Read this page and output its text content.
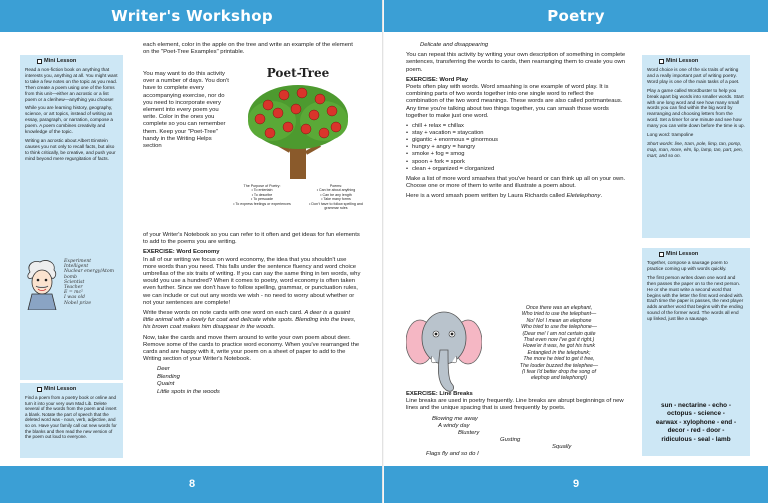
Writer's Workshop
Mini Lesson
Read a non-fiction book on anything that interests you, anything at all. You might want to take a few notes on the topic as you read. Then create a poem using one of the forms from this unit—either an acrostic or a list poem or a clerihew—anything you choose!
While you are learning history, geography, science, or art topics, instead of writing an essay, paragraph, or narration, compose a poem. A poem combines creativity and knowledge of the topic.
Writing an acrostic about Albert Einstein causes you not only to recall facts, but also to think critically, be creative, and push your mind beyond mere regurgitation of facts.
Experiment
Intelligent
Nuclear energy/Atom bomb
Scientist
Teacher
E = mc²
I was old
Nobel prize
Mini Lesson
Find a poem from a poetry book or online and turn it into your very own Mad Lib. Delete several of the words from the poem and insert a blank. Notate the part of speech that the deleted word was - noun, verb, adjective, and so on. Have your family call out new words for the blanks and then read the new version of the poem out loud to everyone.

each element, color in the apple on the tree and write an example of the element on the "Poet-Tree Examples" printable.

You may want to do this activity over a number of days. You don't have to complete every accompanying exercise, nor do you need to incorporate every element into every poem you write. Color in the ones you complete so you can remember them. Keep your "Poet-Tree" handy in the Writing Helps section

Poet-Tree
The Purpose of Poetry:
• To entertain
• To describe
• To persuade
• To express feelings or experiences
Poems:
• Can be about anything
• Can be any length
• Take many forms
• Don't have to follow spelling and grammar rules

of your Writer's Notebook so you can refer to it often and get ideas for fun elements to add to the poems you are writing.

EXERCISE: Word Economy

In all of our writing we focus on word economy, the idea that you shouldn't use more words than you need. This falls under the sentence fluency and word choice umbrellas of the six traits of writing. If you can say the same thing in ten words, why would you use a hundred? When it comes to poetry, word economy is often taken even further. Since we don't have to follow spelling, grammar, or punctuation rules, we can include or cut out any words we wish - no need to worry about whether or not your sentences are complete!

Write these words on note cards with one word on each card. A deer is a quaint little animal with a lovely fur coat and delicate white spots. Blending into the trees, his brown coat makes him disappear in the woods.

Now, take the cards and move them around to write your own poem about deer. Remove some of the cards to practice word economy. When you've rearranged the cards and are happy with it, write your poem on a sheet of paper to add to the Writing section of your Writer's Notebook.

Deer
Blending
Quaint
Little spots in the woods
8
Poetry

Delicate and disappearing

You can repeat this activity by writing your own description of something in complete sentences, transferring the words to cards, then rearranging them to create you own poem.

EXERCISE: Word Play

Poets often play with words. Word smashing is one example of word play. It is combining parts of two words together into one single word to reflect the combination of the two word meanings. These words are also called portmanteaus. Any time you're talking about two things together, you can smash those words together to make just one word.

• chill + relax = chillax
• stay + vacation = staycation
• gigantic + enormous = ginormous
• hungry + angry = hangry
• smoke + fog = smog
• spoon + fork = spork
• clean + organized = clorganized

Make a list of more word smashes that you've heard or can think up all on your own. Choose one or more of them to write and illustrate a poem about.

Here is a word smash poem written by Laura Richards called Eletelephony.

Once there was an elephant,
Who tried to use the telephant—
No! No! I mean an elephone
Who tried to use the telephone—
(Dear me! I am not certain quite
That even now I've got it right.)
Howe'er it was, he got his trunk
Entangled in the telephunk;
The more he tried to get it free,
The louder buzzed the telephee—
(I fear I'd better drop the song of
elephop and telephong!)
EXERCISE: Line Breaks

Line breaks are used in poetry frequently. Line breaks are abrupt beginnings of new lines and the unique spacing that is used frequently by poets.

Blowing me away
A windy day
Blustery
Gusting
Squally
Flags fly and so do I
Mini Lesson
Word choice is one of the six traits of writing and a really important part of writing poetry. Word play is one of the main tasks of a poet.
Play a game called Wordbuster to help you break apart big words into smaller words. Start with one long word and see how many small words you can find within the big word by rearranging and choosing letters from the word. Set a timer for one minute and see how many you can write down before the time is up.
Long word: trampoline
Short words: line, tram, pole, limp, tan, pomp, map, man, more, elm, lip, lamp, tan, part, pen, mart, and so on.
Mini Lesson
Together, compose a sausage poem to practice coming up with words quickly.
The first person writes down one word and then passes the paper on to the next person. He or she must write a second word that begins with the letter the first word ended with. Each time the paper is passes, the next player adds another word that begins with the ending sound of the former word. The words all end up linked, just like a sausage.
sun - nectarine - echo -
octopus - science -
earwax - xylophone - end -
decor - red - door -
ridiculous - seal - lamb
9
